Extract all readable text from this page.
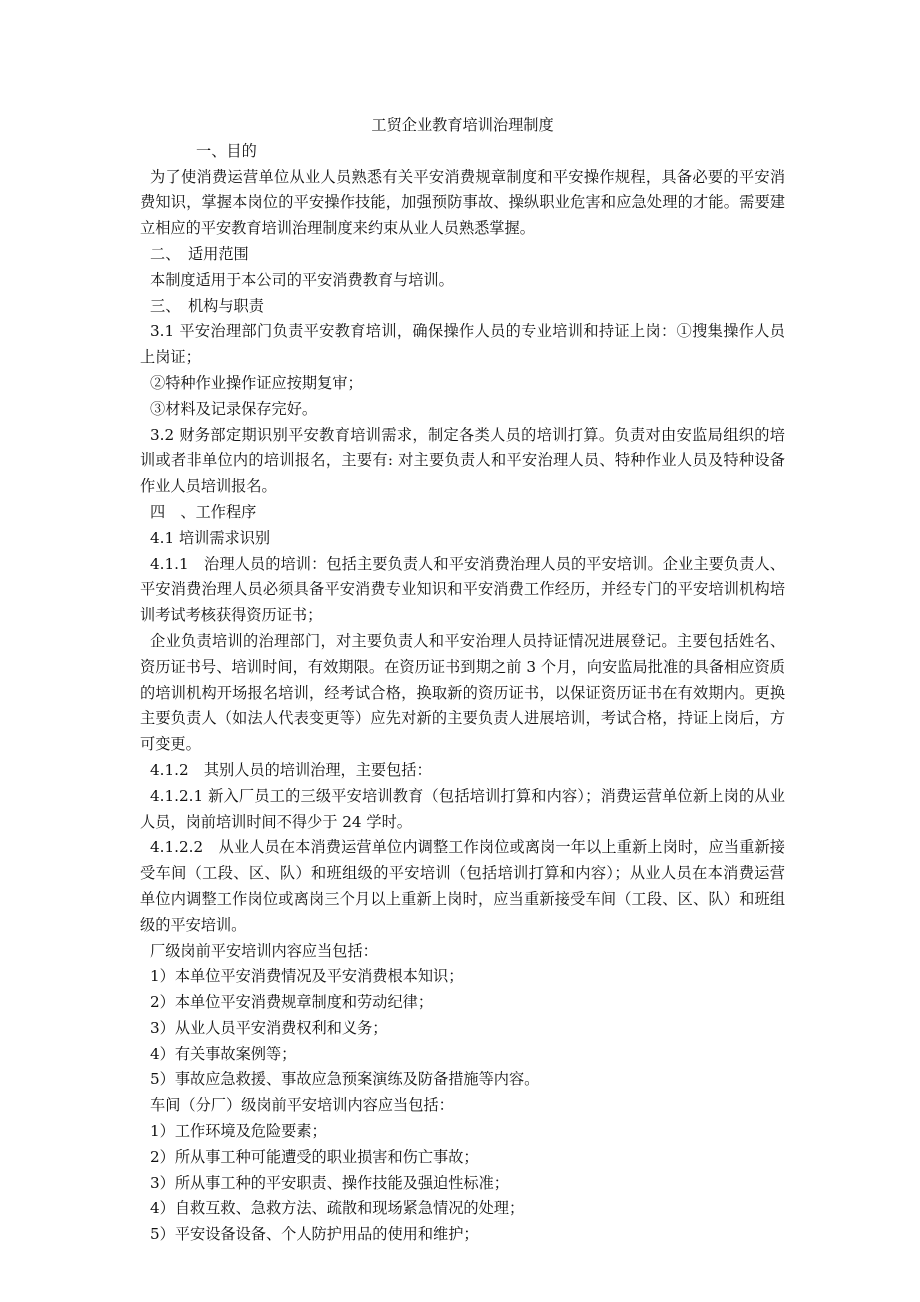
工贸企业教育培训治理制度
一、目的
为了使消费运营单位从业人员熟悉有关平安消费规章制度和平安操作规程，具备必要的平安消费知识，掌握本岗位的平安操作技能，加强预防事故、操纵职业危害和应急处理的才能。需要建立相应的平安教育培训治理制度来约束从业人员熟悉掌握。
二、　适用范围
本制度适用于本公司的平安消费教育与培训。
三、　机构与职责
3.1 平安治理部门负责平安教育培训，确保操作人员的专业培训和持证上岗：①搜集操作人员上岗证；
②特种作业操作证应按期复审；
③材料及记录保存完好。
3.2 财务部定期识别平安教育培训需求，制定各类人员的培训打算。负责对由安监局组织的培训或者非单位内的培训报名，主要有: 对主要负责人和平安治理人员、特种作业人员及特种设备作业人员培训报名。
四　、工作程序
4.1 培训需求识别
4.1.1　治理人员的培训：包括主要负责人和平安消费治理人员的平安培训。企业主要负责人、平安消费治理人员必须具备平安消费专业知识和平安消费工作经历，并经专门的平安培训机构培训考试考核获得资历证书；
企业负责培训的治理部门，对主要负责人和平安治理人员持证情况进展登记。主要包括姓名、资历证书号、培训时间，有效期限。在资历证书到期之前 3 个月，向安监局批准的具备相应资质的培训机构开场报名培训，经考试合格，换取新的资历证书，以保证资历证书在有效期内。更换主要负责人（如法人代表变更等）应先对新的主要负责人进展培训，考试合格，持证上岗后，方可变更。
4.1.2　其别人员的培训治理，主要包括：
4.1.2.1 新入厂员工的三级平安培训教育（包括培训打算和内容）；消费运营单位新上岗的从业人员，岗前培训时间不得少于 24 学时。
4.1.2.2　从业人员在本消费运营单位内调整工作岗位或离岗一年以上重新上岗时，应当重新接受车间（工段、区、队）和班组级的平安培训（包括培训打算和内容）；从业人员在本消费运营单位内调整工作岗位或离岗三个月以上重新上岗时，应当重新接受车间（工段、区、队）和班组级的平安培训。
厂级岗前平安培训内容应当包括：
1）本单位平安消费情况及平安消费根本知识；
2）本单位平安消费规章制度和劳动纪律；
3）从业人员平安消费权利和义务；
4）有关事故案例等；
5）事故应急救援、事故应急预案演练及防备措施等内容。
车间（分厂）级岗前平安培训内容应当包括：
1）工作环境及危险要素；
2）所从事工种可能遭受的职业损害和伤亡事故；
3）所从事工种的平安职责、操作技能及强迫性标准；
4）自救互救、急救方法、疏散和现场紧急情况的处理；
5）平安设备设备、个人防护用品的使用和维护；
